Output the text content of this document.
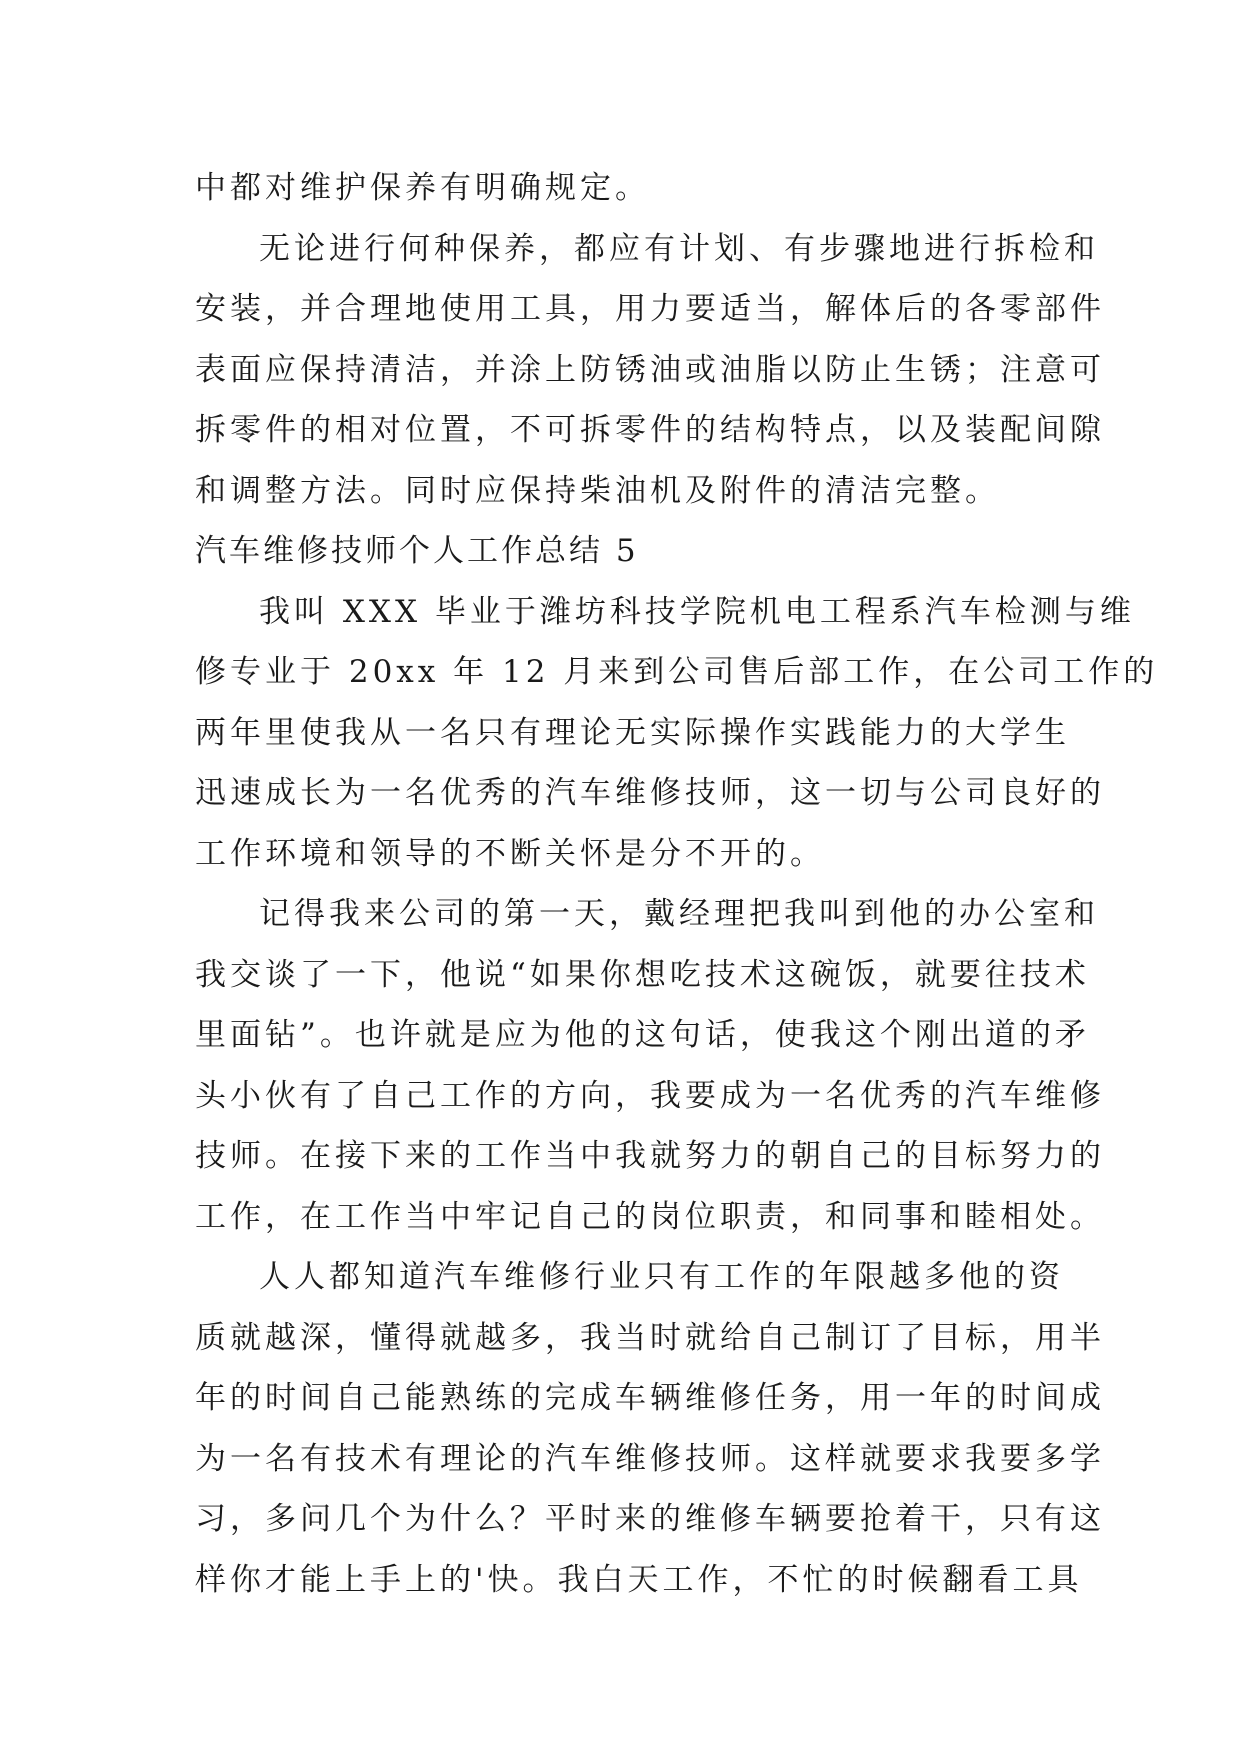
中都对维护保养有明确规定。
无论进行何种保养，都应有计划、有步骤地进行拆检和
安装，并合理地使用工具，用力要适当，解体后的各零部件
表面应保持清洁，并涂上防锈油或油脂以防止生锈；注意可
拆零件的相对位置，不可拆零件的结构特点，以及装配间隙
和调整方法。同时应保持柴油机及附件的清洁完整。
汽车维修技师个人工作总结 5
我叫 XXX 毕业于潍坊科技学院机电工程系汽车检测与维
修专业于 20xx 年 12 月来到公司售后部工作，在公司工作的
两年里使我从一名只有理论无实际操作实践能力的大学生
迅速成长为一名优秀的汽车维修技师，这一切与公司良好的
工作环境和领导的不断关怀是分不开的。
记得我来公司的第一天，戴经理把我叫到他的办公室和
我交谈了一下，他说“如果你想吃技术这碗饭，就要往技术
里面钻”。也许就是应为他的这句话，使我这个刚出道的矛
头小伙有了自己工作的方向，我要成为一名优秀的汽车维修
技师。在接下来的工作当中我就努力的朝自己的目标努力的
工作，在工作当中牢记自己的岗位职责，和同事和睦相处。
人人都知道汽车维修行业只有工作的年限越多他的资
质就越深，懂得就越多，我当时就给自己制订了目标，用半
年的时间自己能熟练的完成车辆维修任务，用一年的时间成
为一名有技术有理论的汽车维修技师。这样就要求我要多学
习，多问几个为什么？平时来的维修车辆要抢着干，只有这
样你才能上手上的'快。我白天工作，不忙的时候翻看工具
